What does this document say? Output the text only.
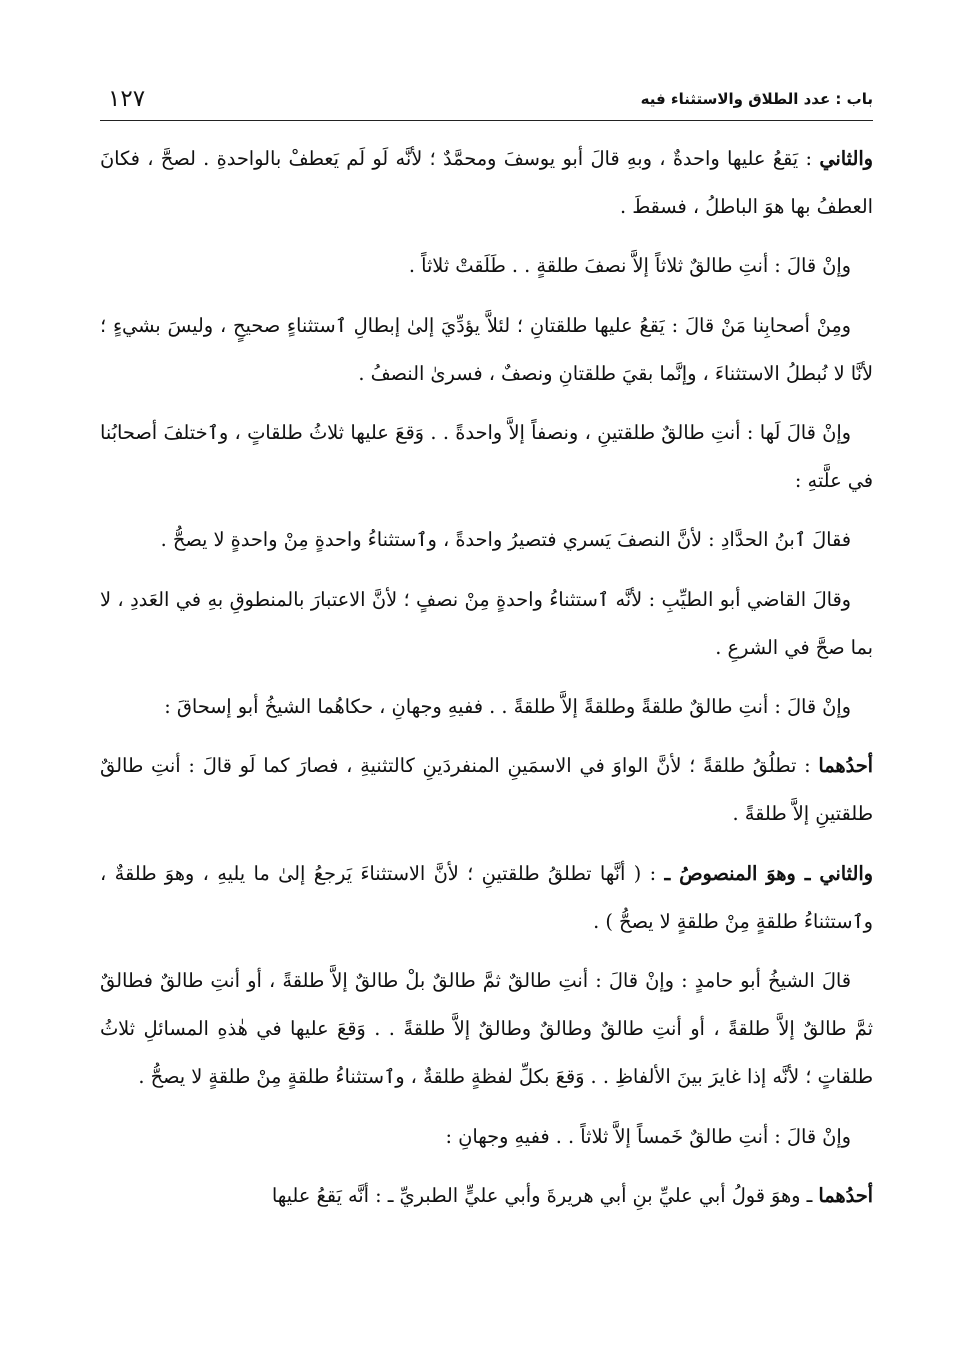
باب : عدد الطلاق والاستثناء فيه
١٢٧

والثاني : يَقعُ عليها واحدةٌ ، وبهِ قالَ أبو يوسفَ ومحمَّدٌ ؛ لأنَّه لَو لَم يَعطفْ بالواحدةِ . لصحَّ ، فكانَ العطفُ بها هوَ الباطلُ ، فسقطَ .

وإنْ قالَ : أنتِ طالقٌ ثلاثاً إلاَّ نصفَ طلقةٍ . . طَلَقتْ ثلاثاً .

ومِنْ أصحابِنا مَنْ قالَ : يَقعُ عليها طلقتانِ ؛ لئلاَّ يؤدِّيَ إلىٰ إبطالِ ٱستثناءٍ صحيحٍ ، وليسَ بشيءٍ ؛ لأنَّا لا نُبطلُ الاستثناءَ ، وإنَّما بقيَ طلقتانِ ونصفٌ ، فسرىٰ النصفُ .

وإنْ قالَ لَها : أنتِ طالقٌ طلقتينِ ، ونصفاً إلاَّ واحدةً . . وَقعَ عليها ثلاثُ طلقاتٍ ، وٱختلفَ أصحابُنا في علَّتهِ :

فقالَ ٱبنُ الحدَّادِ : لأنَّ النصفَ يَسري فتصيرُ واحدةً ، وٱستثناءُ واحدةٍ مِنْ واحدةٍ لا يصحُّ .

وقالَ القاضي أبو الطيِّبِ : لأنَّه ٱستثناءُ واحدةٍ مِنْ نصفٍ ؛ لأنَّ الاعتبارَ بالمنطوقِ بهِ في العَددِ ، لا بما صحَّ في الشرعِ .

وإنْ قالَ : أنتِ طالقٌ طلقةً وطلقةً إلاَّ طلقةً . . ففيهِ وجهانِ ، حكاهُما الشيخُ أبو إسحاقَ :

أحدُهما : تطلُقُ طلقةً ؛ لأنَّ الواوَ في الاسمَينِ المنفردَينِ كالتثنيةِ ، فصارَ كما لَو قالَ : أنتِ طالقٌ طلقتينِ إلاَّ طلقةً .

والثاني ـ وهوَ المنصوصُ ـ : ( أنَّها تطلقُ طلقتينِ ؛ لأنَّ الاستثناءَ يَرجعُ إلىٰ ما يليهِ ، وهوَ طلقةٌ ، وٱستثناءُ طلقةٍ مِنْ طلقةٍ لا يصحُّ ) .

قالَ الشيخُ أبو حامدٍ : وإنْ قالَ : أنتِ طالقٌ ثمَّ طالقٌ بلْ طالقٌ إلاَّ طلقةً ، أو أنتِ طالقٌ فطالقٌ ثمَّ طالقٌ إلاَّ طلقةً ، أو أنتِ طالقٌ وطالقٌ وطالقٌ إلاَّ طلقةً . . وَقعَ عليها في هٰذهِ المسائلِ ثلاثُ طلقاتٍ ؛ لأنَّه إذا غايرَ بينَ الألفاظِ . . وَقعَ بكلِّ لفظةٍ طلقةٌ ، وٱستثناءُ طلقةٍ مِنْ طلقةٍ لا يصحُّ .

وإنْ قالَ : أنتِ طالقٌ خَمساً إلاَّ ثلاثاً . . ففيهِ وجهانِ :

أحدُهما ـ وهوَ قولُ أبي عليِّ بنِ أبي هريرةَ وأبي عليٍّ الطبريِّ ـ : أنَّه يَقعُ عليها
